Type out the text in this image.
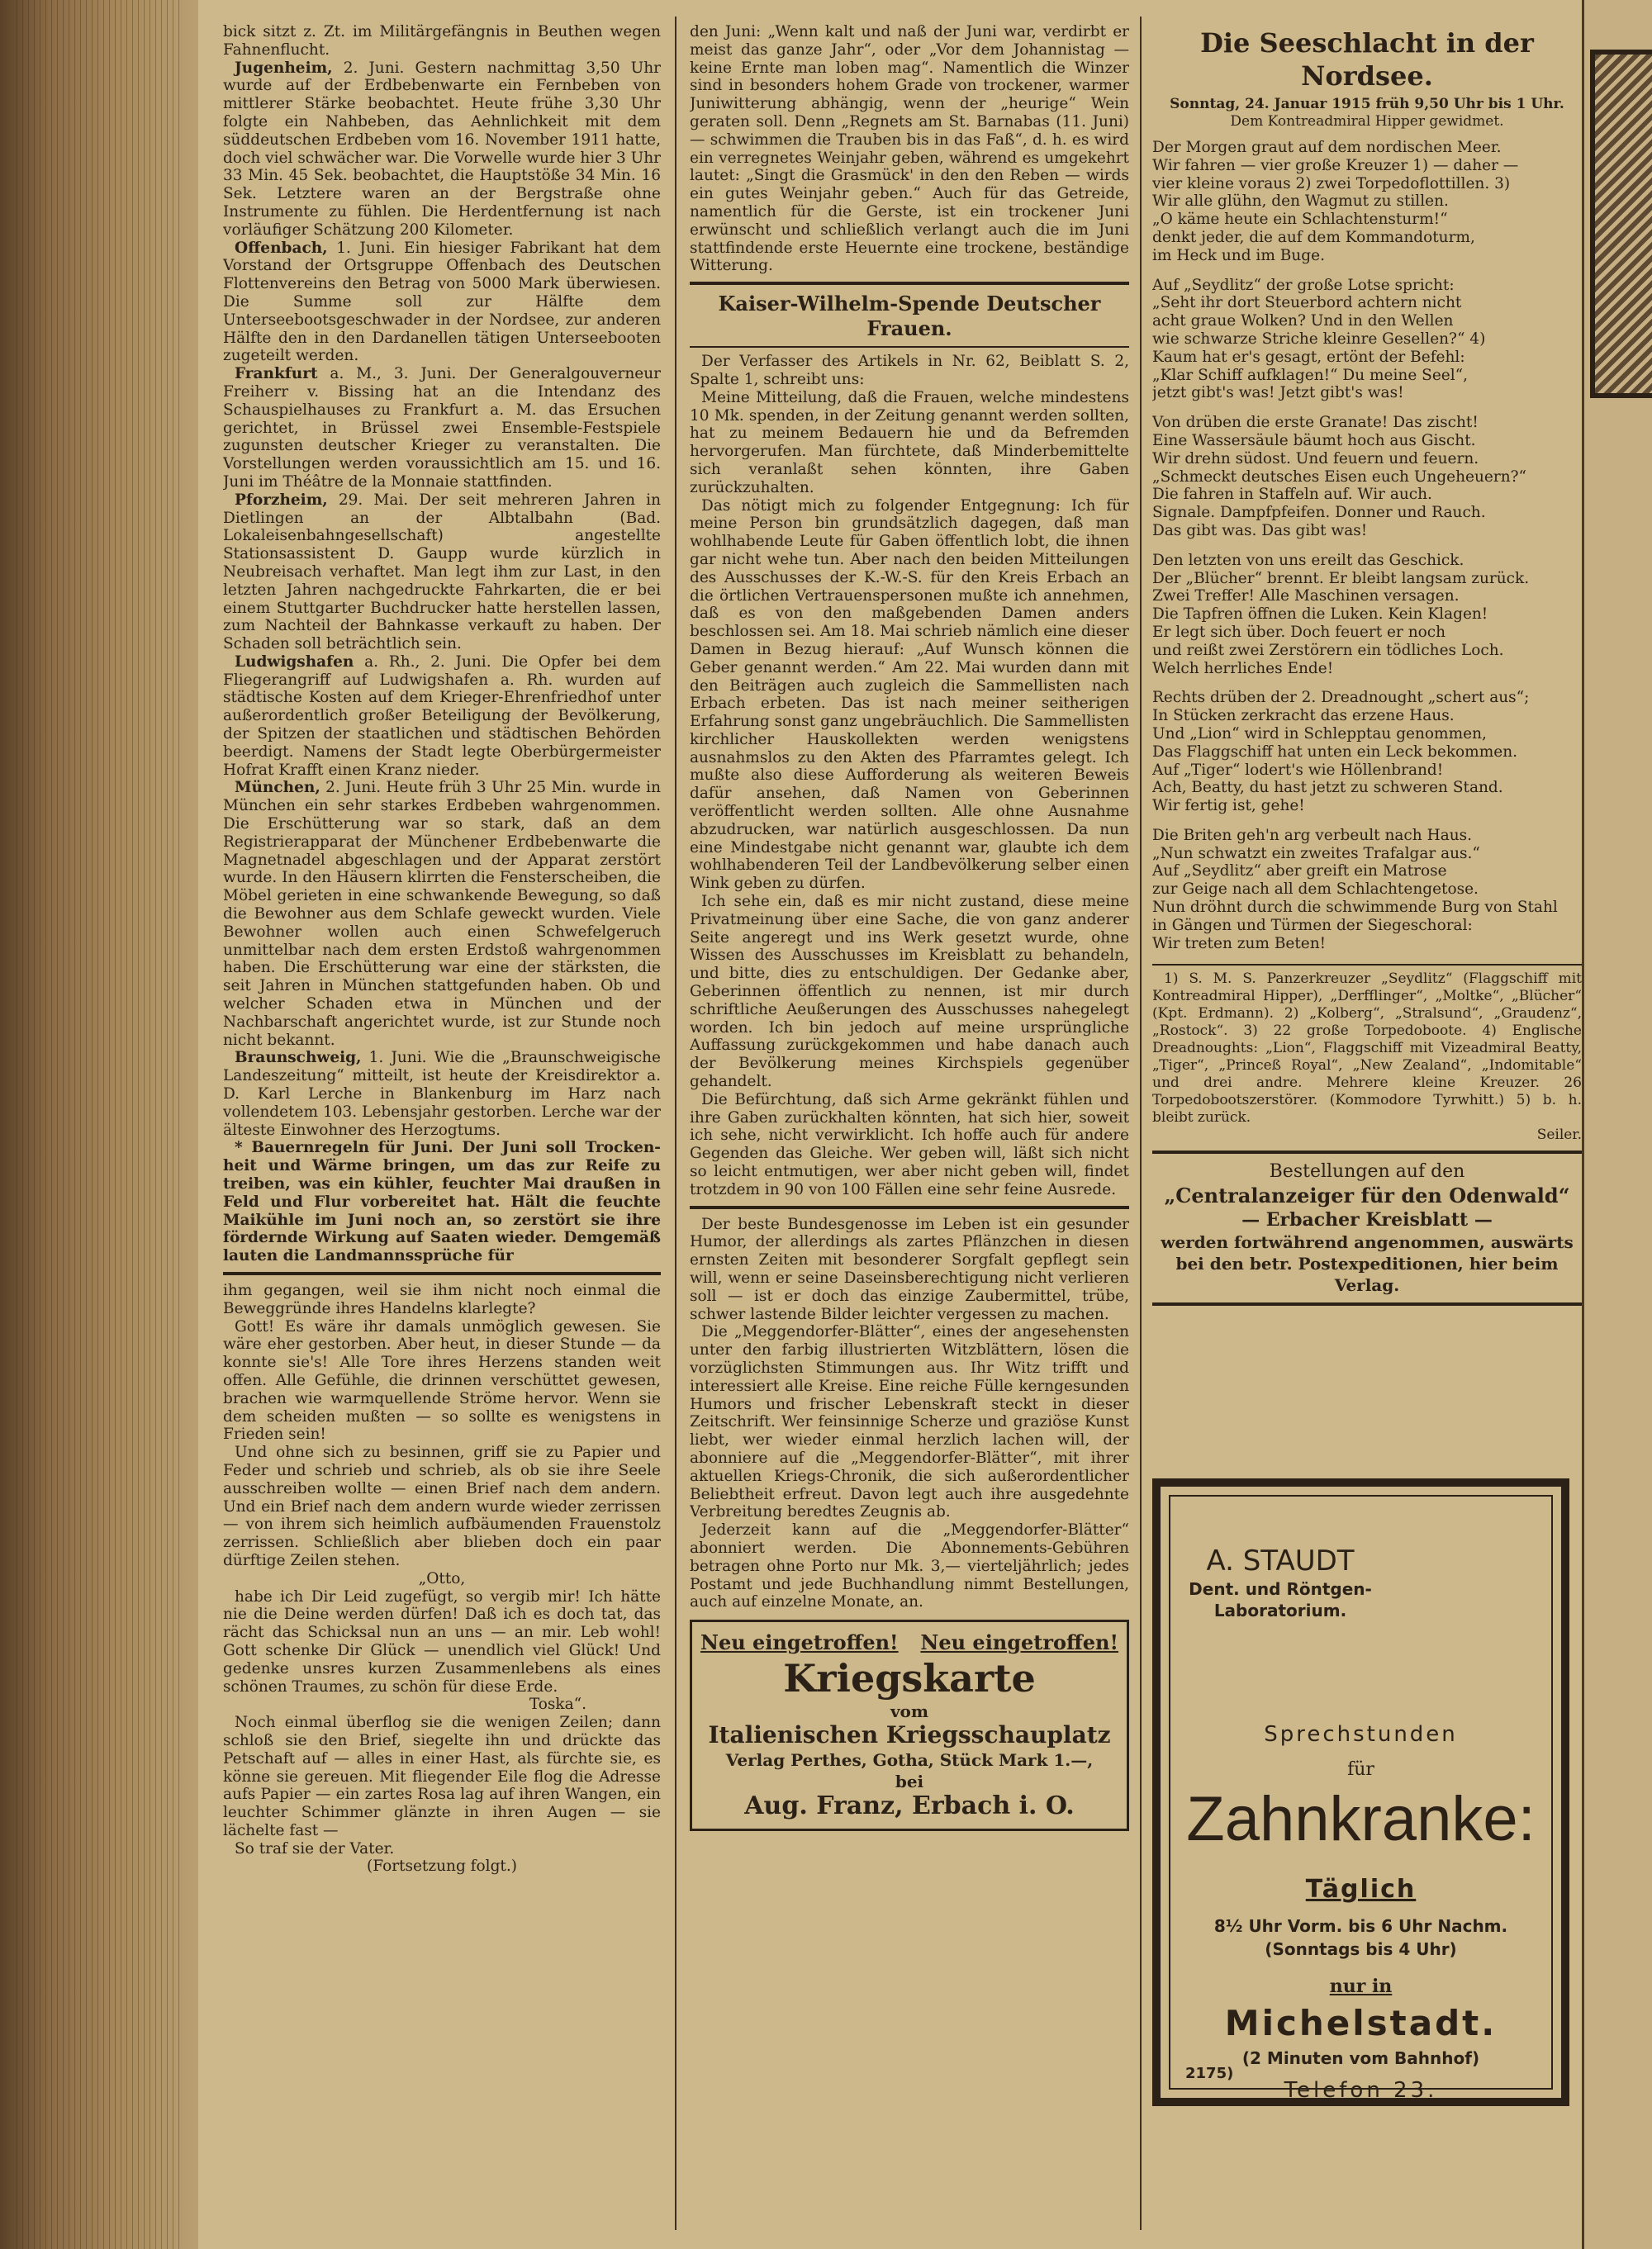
bick sitzt z. Zt. im Militärgefängnis in Beuthen wegen Fahnenflucht.

Jugenheim, 2. Juni. Gestern nachmittag 3,50 Uhr wurde auf der Erdbebenwarte ein Fernbeben von mittlerer Stärke beobachtet. Heute frühe 3,30 Uhr folgte ein Nahbeben, das Aehnlichkeit mit dem süddeutschen Erdbeben vom 16. November 1911 hatte, doch viel schwächer war. Die Vorwelle wurde hier 3 Uhr 33 Min. 45 Sek. beobachtet, die Hauptstöße 34 Min. 16 Sek. Letztere waren an der Bergstraße ohne Instrumente zu fühlen. Die Herdentfernung ist nach vorläufiger Schätzung 200 Kilometer.

Offenbach, 1. Juni. Ein hiesiger Fabrikant hat dem Vorstand der Ortsgruppe Offenbach des Deutschen Flottenvereins den Betrag von 5000 Mark überwiesen. Die Summe soll zur Hälfte dem Unterseebootsgeschwader in der Nordsee, zur anderen Hälfte den in den Dardanellen tätigen Unterseebooten zugeteilt werden.

Frankfurt a. M., 3. Juni. Der Generalgouverneur Freiherr v. Bissing hat an die Intendanz des Schauspielhauses zu Frankfurt a. M. das Ersuchen gerichtet, in Brüssel zwei Ensemble-Festspiele zugunsten deutscher Krieger zu veranstalten. Die Vorstellungen werden voraussichtlich am 15. und 16. Juni im Théâtre de la Monnaie stattfinden.

Pforzheim, 29. Mai. Der seit mehreren Jahren in Dietlingen an der Albtalbahn (Bad. Lokaleisenbahngesellschaft) angestellte Stationsassistent D. Gaupp wurde kürzlich in Neubreisach verhaftet. Man legt ihm zur Last, in den letzten Jahren nachgedruckte Fahrkarten, die er bei einem Stuttgarter Buchdrucker hatte herstellen lassen, zum Nachteil der Bahnkasse verkauft zu haben. Der Schaden soll beträchtlich sein.

Ludwigshafen a. Rh., 2. Juni. Die Opfer bei dem Fliegerangriff auf Ludwigshafen a. Rh. wurden auf städtische Kosten auf dem Krieger-Ehrenfriedhof unter außerordentlich großer Beteiligung der Bevölkerung, der Spitzen der staatlichen und städtischen Behörden beerdigt. Namens der Stadt legte Oberbürgermeister Hofrat Krafft einen Kranz nieder.

München, 2. Juni. Heute früh 3 Uhr 25 Min. wurde in München ein sehr starkes Erdbeben wahrgenommen. Die Erschütterung war so stark, daß an dem Registrierapparat der Münchener Erdbebenwarte die Magnetnadel abgeschlagen und der Apparat zerstört wurde. In den Häusern klirrten die Fensterscheiben, die Möbel gerieten in eine schwankende Bewegung, so daß die Bewohner aus dem Schlafe geweckt wurden. Viele Bewohner wollen auch einen Schwefelgeruch unmittelbar nach dem ersten Erdstoß wahrgenommen haben. Die Erschütterung war eine der stärksten, die seit Jahren in München stattgefunden haben. Ob und welcher Schaden etwa in München und der Nachbarschaft angerichtet wurde, ist zur Stunde noch nicht bekannt.

Braunschweig, 1. Juni. Wie die „Braunschweigische Landeszeitung“ mitteilt, ist heute der Kreisdirektor a. D. Karl Lerche in Blankenburg im Harz nach vollendetem 103. Lebensjahr gestorben. Lerche war der älteste Einwohner des Herzogtums.

* Bauernregeln für Juni. Der Juni soll Trocken- heit und Wärme bringen, um das zur Reife zu treiben, was ein kühler, feuchter Mai draußen in Feld und Flur vorbereitet hat. Hält die feuchte Maikühle im Juni noch an, so zerstört sie ihre fördernde Wirkung auf Saaten wieder. Demgemäß lauten die Landmannssprüche für

ihm gegangen, weil sie ihm nicht noch einmal die Beweggründe ihres Handelns klarlegte?

Gott! Es wäre ihr damals unmöglich gewesen. Sie wäre eher gestorben. Aber heut, in dieser Stunde — da konnte sie's! Alle Tore ihres Herzens standen weit offen. Alle Gefühle, die drinnen verschüttet gewesen, brachen wie warmquellende Ströme hervor. Wenn sie dem scheiden mußten — so sollte es wenigstens in Frieden sein!

Und ohne sich zu besinnen, griff sie zu Papier und Feder und schrieb und schrieb, als ob sie ihre Seele ausschreiben wollte — einen Brief nach dem andern. Und ein Brief nach dem andern wurde wieder zerrissen — von ihrem sich heimlich aufbäumenden Frauenstolz zerrissen. Schließlich aber blieben doch ein paar dürftige Zeilen stehen.

„Otto,

habe ich Dir Leid zugefügt, so vergib mir! Ich hätte nie die Deine werden dürfen! Daß ich es doch tat, das rächt das Schicksal nun an uns — an mir. Leb wohl! Gott schenke Dir Glück — unendlich viel Glück! Und gedenke unsres kurzen Zusammenlebens als eines schönen Traumes, zu schön für diese Erde.

Toska“.

Noch einmal überflog sie die wenigen Zeilen; dann schloß sie den Brief, siegelte ihn und drückte das Petschaft auf — alles in einer Hast, als fürchte sie, es könne sie gereuen. Mit fliegender Eile flog die Adresse aufs Papier — ein zartes Rosa lag auf ihren Wangen, ein leuchter Schimmer glänzte in ihren Augen — sie lächelte fast —

So traf sie der Vater.

(Fortsetzung folgt.)

den Juni: „Wenn kalt und naß der Juni war, verdirbt er meist das ganze Jahr“, oder „Vor dem Johannistag — keine Ernte man loben mag“. Namentlich die Winzer sind in besonders hohem Grade von trockener, warmer Juniwitterung abhängig, wenn der „heurige“ Wein geraten soll. Denn „Regnets am St. Barnabas (11. Juni) — schwimmen die Trauben bis in das Faß“, d. h. es wird ein verregnetes Weinjahr geben, während es umgekehrt lautet: „Singt die Grasmück' in den den Reben — wirds ein gutes Weinjahr geben.“ Auch für das Getreide, namentlich für die Gerste, ist ein trockener Juni erwünscht und schließlich verlangt auch die im Juni stattfindende erste Heuernte eine trockene, beständige Witterung.

Kaiser-Wilhelm-Spende Deutscher Frauen.

Der Verfasser des Artikels in Nr. 62, Beiblatt S. 2, Spalte 1, schreibt uns:

Meine Mitteilung, daß die Frauen, welche mindestens 10 Mk. spenden, in der Zeitung genannt werden sollten, hat zu meinem Bedauern hie und da Befremden hervorgerufen. Man fürchtete, daß Minderbemittelte sich veranlaßt sehen könnten, ihre Gaben zurückzuhalten.

Das nötigt mich zu folgender Entgegnung: Ich für meine Person bin grundsätzlich dagegen, daß man wohlhabende Leute für Gaben öffentlich lobt, die ihnen gar nicht wehe tun. Aber nach den beiden Mitteilungen des Ausschusses der K.-W.-S. für den Kreis Erbach an die örtlichen Vertrauenspersonen mußte ich annehmen, daß es von den maßgebenden Damen anders beschlossen sei. Am 18. Mai schrieb nämlich eine dieser Damen in Bezug hierauf: „Auf Wunsch können die Geber genannt werden.“ Am 22. Mai wurden dann mit den Beiträgen auch zugleich die Sammellisten nach Erbach erbeten. Das ist nach meiner seitherigen Erfahrung sonst ganz ungebräuchlich. Die Sammellisten kirchlicher Hauskollekten werden wenigstens ausnahmslos zu den Akten des Pfarramtes gelegt. Ich mußte also diese Aufforderung als weiteren Beweis dafür ansehen, daß Namen von Geberinnen veröffentlicht werden sollten. Alle ohne Ausnahme abzudrucken, war natürlich ausgeschlossen. Da nun eine Mindestgabe nicht genannt war, glaubte ich dem wohlhabenderen Teil der Landbevölkerung selber einen Wink geben zu dürfen.

Ich sehe ein, daß es mir nicht zustand, diese meine Privatmeinung über eine Sache, die von ganz anderer Seite angeregt und ins Werk gesetzt wurde, ohne Wissen des Ausschusses im Kreisblatt zu behandeln, und bitte, dies zu entschuldigen. Der Gedanke aber, Geberinnen öffentlich zu nennen, ist mir durch schriftliche Aeußerungen des Ausschusses nahegelegt worden. Ich bin jedoch auf meine ursprüngliche Auffassung zurückgekommen und habe danach auch der Bevölkerung meines Kirchspiels gegenüber gehandelt.

Die Befürchtung, daß sich Arme gekränkt fühlen und ihre Gaben zurückhalten könnten, hat sich hier, soweit ich sehe, nicht verwirklicht. Ich hoffe auch für andere Gegenden das Gleiche. Wer geben will, läßt sich nicht so leicht entmutigen, wer aber nicht geben will, findet trotzdem in 90 von 100 Fällen eine sehr feine Ausrede.

Der beste Bundesgenosse im Leben ist ein gesunder Humor, der allerdings als zartes Pflänzchen in diesen ernsten Zeiten mit besonderer Sorgfalt gepflegt sein will, wenn er seine Daseinsberechtigung nicht verlieren soll — ist er doch das einzige Zaubermittel, trübe, schwer lastende Bilder leichter vergessen zu machen.

Die „Meggendorfer-Blätter“, eines der angesehensten unter den farbig illustrierten Witzblättern, lösen die vorzüglichsten Stimmungen aus. Ihr Witz trifft und interessiert alle Kreise. Eine reiche Fülle kerngesunden Humors und frischer Lebenskraft steckt in dieser Zeitschrift. Wer feinsinnige Scherze und graziöse Kunst liebt, wer wieder einmal herzlich lachen will, der abonniere auf die „Meggendorfer-Blätter“, mit ihrer aktuellen Kriegs-Chronik, die sich außerordentlicher Beliebtheit erfreut. Davon legt auch ihre ausgedehnte Verbreitung beredtes Zeugnis ab.

Jederzeit kann auf die „Meggendorfer-Blätter“ abonniert werden. Die Abonnements-Gebühren betragen ohne Porto nur Mk. 3,— vierteljährlich; jedes Postamt und jede Buchhandlung nimmt Bestellungen, auch auf einzelne Monate, an.

Neu eingetroffen! Neu eingetroffen!
Kriegskarte
vom
Italienischen Kriegsschauplatz
Verlag Perthes, Gotha, Stück Mark 1.—,
bei
Aug. Franz, Erbach i. O.
Die Seeschlacht in der Nordsee.

Sonntag, 24. Januar 1915 früh 9,50 Uhr bis 1 Uhr.

Dem Kontreadmiral Hipper gewidmet.

Der Morgen graut auf dem nordischen Meer.

Wir fahren — vier große Kreuzer 1) — daher —

vier kleine voraus 2) zwei Torpedoflottillen. 3)

Wir alle glühn, den Wagmut zu stillen.

„O käme heute ein Schlachtensturm!“

denkt jeder, die auf dem Kommandoturm,

im Heck und im Buge.

Auf „Seydlitz“ der große Lotse spricht:

„Seht ihr dort Steuerbord achtern nicht

acht graue Wolken? Und in den Wellen

wie schwarze Striche kleinre Gesellen?“ 4)

Kaum hat er's gesagt, ertönt der Befehl:

„Klar Schiff aufklagen!“ Du meine Seel“,

jetzt gibt's was! Jetzt gibt's was!

Von drüben die erste Granate! Das zischt!

Eine Wassersäule bäumt hoch aus Gischt.

Wir drehn südost. Und feuern und feuern.

„Schmeckt deutsches Eisen euch Ungeheuern?“

Die fahren in Staffeln auf. Wir auch.

Signale. Dampfpfeifen. Donner und Rauch.

Das gibt was. Das gibt was!

Den letzten von uns ereilt das Geschick.

Der „Blücher“ brennt. Er bleibt langsam zurück.

Zwei Treffer! Alle Maschinen versagen.

Die Tapfren öffnen die Luken. Kein Klagen!

Er legt sich über. Doch feuert er noch

und reißt zwei Zerstörern ein tödliches Loch.

Welch herrliches Ende!

Rechts drüben der 2. Dreadnought „schert aus“;

In Stücken zerkracht das erzene Haus.

Und „Lion“ wird in Schlepptau genommen,

Das Flaggschiff hat unten ein Leck bekommen.

Auf „Tiger“ lodert's wie Höllenbrand!

Ach, Beatty, du hast jetzt zu schweren Stand.

Wir fertig ist, gehe!

Die Briten geh'n arg verbeult nach Haus.

„Nun schwatzt ein zweites Trafalgar aus.“

Auf „Seydlitz“ aber greift ein Matrose

zur Geige nach all dem Schlachtengetose.

Nun dröhnt durch die schwimmende Burg von Stahl

in Gängen und Türmen der Siegeschoral:

Wir treten zum Beten!

1) S. M. S. Panzerkreuzer „Seydlitz“ (Flaggschiff mit Kontreadmiral Hipper), „Derfflinger“, „Moltke“, „Blücher“ (Kpt. Erdmann). 2) „Kolberg“, „Stralsund“, „Graudenz“, „Rostock“. 3) 22 große Torpedoboote. 4) Englische Dreadnoughts: „Lion“, Flaggschiff mit Vizeadmiral Beatty, „Tiger“, „Princeß Royal“, „New Zealand“, „Indomitable“ und drei andre. Mehrere kleine Kreuzer. 26 Torpedobootszerstörer. (Kommodore Tyrwhitt.) 5) b. h. bleibt zurück.

Seiler.

Bestellungen auf den

„Centralanzeiger für den Odenwald“

— Erbacher Kreisblatt —

werden fortwährend angenommen, auswärts bei den betr. Postexpeditionen, hier beim Verlag.

A. STAUDT
Dent. und Röntgen-
Laboratorium.
Sprechstunden
für
Zahnkranke:
Täglich
8½ Uhr Vorm. bis 6 Uhr Nachm.
(Sonntags bis 4 Uhr)
nur in
Michelstadt.
(2 Minuten vom Bahnhof)
Telefon 23.
2175)
